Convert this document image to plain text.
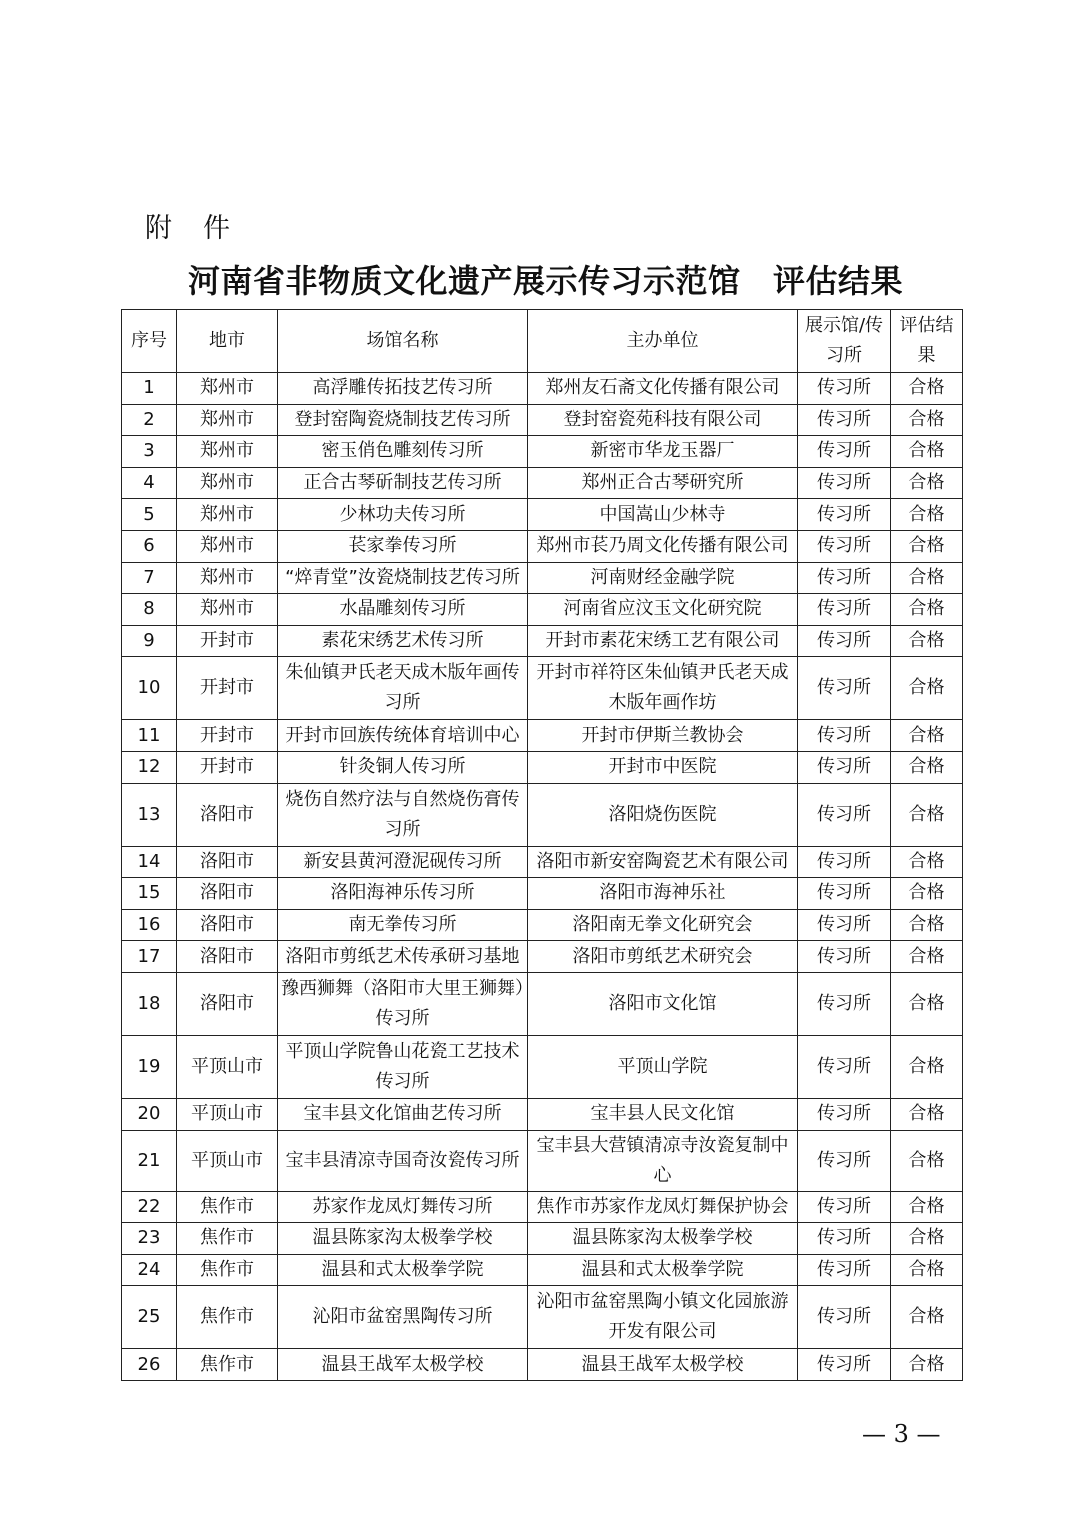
附　件
河南省非物质文化遗产展示传习示范馆　评估结果
序号	地市	场馆名称	主办单位	展示馆/传习所	评估结果
1	郑州市	高浮雕传拓技艺传习所	郑州友石斋文化传播有限公司	传习所	合格
2	郑州市	登封窑陶瓷烧制技艺传习所	登封窑瓷苑科技有限公司	传习所	合格
3	郑州市	密玉俏色雕刻传习所	新密市华龙玉器厂	传习所	合格
4	郑州市	正合古琴斫制技艺传习所	郑州正合古琴研究所	传习所	合格
5	郑州市	少林功夫传习所	中国嵩山少林寺	传习所	合格
6	郑州市	苌家拳传习所	郑州市苌乃周文化传播有限公司	传习所	合格
7	郑州市	“焠青堂”汝瓷烧制技艺传习所	河南财经金融学院	传习所	合格
8	郑州市	水晶雕刻传习所	河南省应汶玉文化研究院	传习所	合格
9	开封市	素花宋绣艺术传习所	开封市素花宋绣工艺有限公司	传习所	合格
10	开封市	朱仙镇尹氏老天成木版年画传习所	开封市祥符区朱仙镇尹氏老天成木版年画作坊	传习所	合格
11	开封市	开封市回族传统体育培训中心	开封市伊斯兰教协会	传习所	合格
12	开封市	针灸铜人传习所	开封市中医院	传习所	合格
13	洛阳市	烧伤自然疗法与自然烧伤膏传习所	洛阳烧伤医院	传习所	合格
14	洛阳市	新安县黄河澄泥砚传习所	洛阳市新安窑陶瓷艺术有限公司	传习所	合格
15	洛阳市	洛阳海神乐传习所	洛阳市海神乐社	传习所	合格
16	洛阳市	南无拳传习所	洛阳南无拳文化研究会	传习所	合格
17	洛阳市	洛阳市剪纸艺术传承研习基地	洛阳市剪纸艺术研究会	传习所	合格
18	洛阳市	豫西狮舞（洛阳市大里王狮舞）传习所	洛阳市文化馆	传习所	合格
19	平顶山市	平顶山学院鲁山花瓷工艺技术传习所	平顶山学院	传习所	合格
20	平顶山市	宝丰县文化馆曲艺传习所	宝丰县人民文化馆	传习所	合格
21	平顶山市	宝丰县清凉寺国奇汝瓷传习所	宝丰县大营镇清凉寺汝瓷复制中心	传习所	合格
22	焦作市	苏家作龙凤灯舞传习所	焦作市苏家作龙凤灯舞保护协会	传习所	合格
23	焦作市	温县陈家沟太极拳学校	温县陈家沟太极拳学校	传习所	合格
24	焦作市	温县和式太极拳学院	温县和式太极拳学院	传习所	合格
25	焦作市	沁阳市盆窑黑陶传习所	沁阳市盆窑黑陶小镇文化园旅游开发有限公司	传习所	合格
26	焦作市	温县王战军太极学校	温县王战军太极学校	传习所	合格
— 3 —
